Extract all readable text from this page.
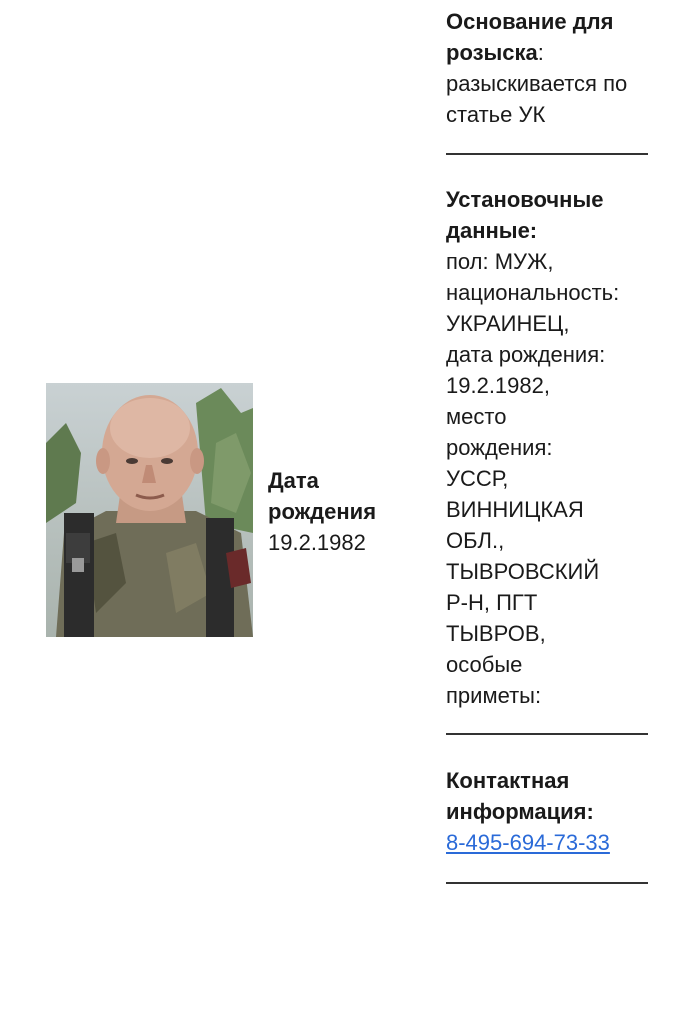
Дата рождения
19.2.1982
Основание для розыска:
разыскивается по статье УК
Установочные данные:
пол: МУЖ,
национальность:
УКРАИНЕЦ,
дата рождения:
19.2.1982,
место
рождения:
УССР,
ВИННИЦКАЯ
ОБЛ.,
ТЫВРОВСКИЙ
Р-Н, ПГТ
ТЫВРОВ,
особые
приметы:
Контактная информация:
8-495-694-73-33
